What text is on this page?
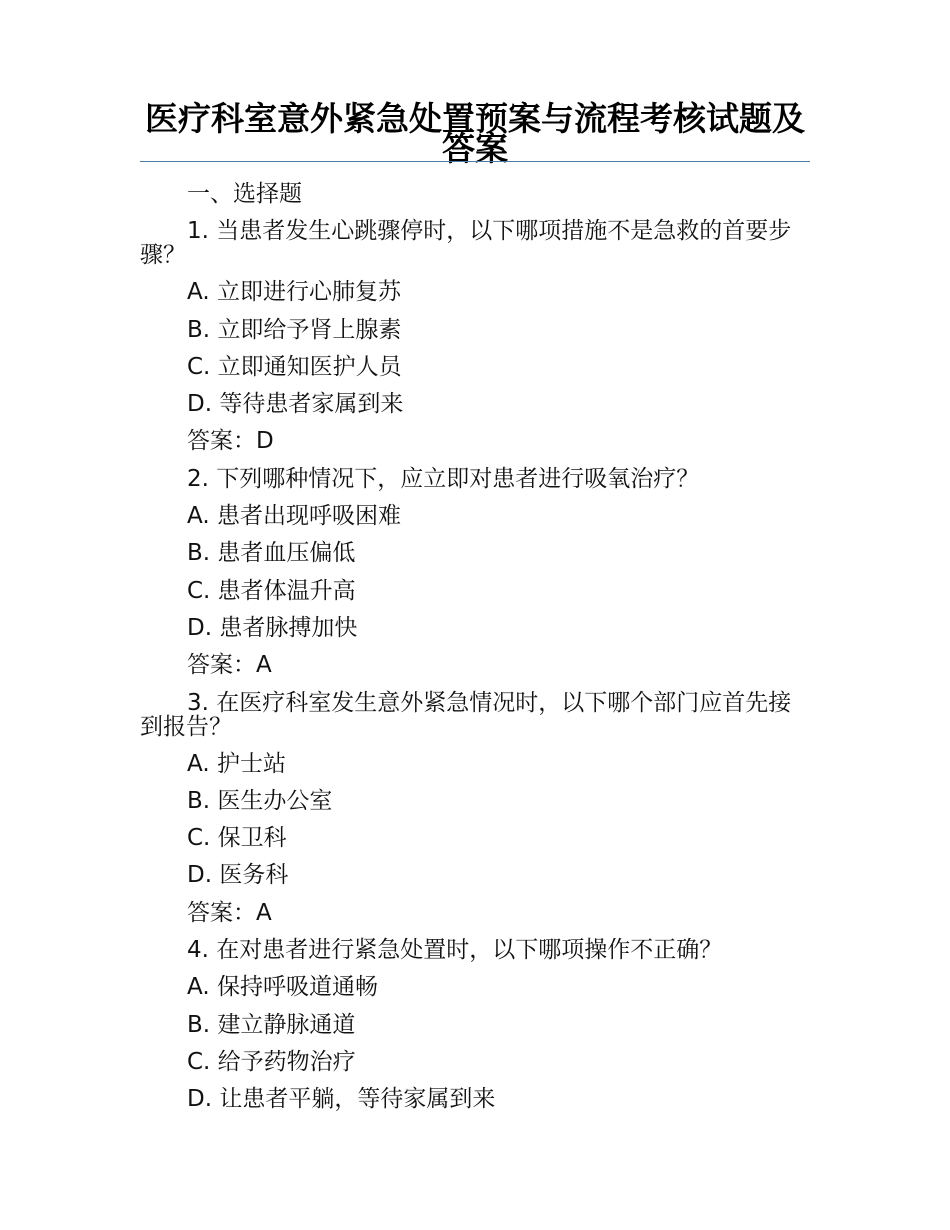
医疗科室意外紧急处置预案与流程考核试题及答案

一、选择题

1. 当患者发生心跳骤停时，以下哪项措施不是急救的首要步骤？

A. 立即进行心肺复苏

B. 立即给予肾上腺素

C. 立即通知医护人员

D. 等待患者家属到来

答案：D

2. 下列哪种情况下，应立即对患者进行吸氧治疗？

A. 患者出现呼吸困难

B. 患者血压偏低

C. 患者体温升高

D. 患者脉搏加快

答案：A

3. 在医疗科室发生意外紧急情况时，以下哪个部门应首先接到报告？

A. 护士站

B. 医生办公室

C. 保卫科

D. 医务科

答案：A

4. 在对患者进行紧急处置时，以下哪项操作不正确？

A. 保持呼吸道通畅

B. 建立静脉通道

C. 给予药物治疗

D. 让患者平躺，等待家属到来
